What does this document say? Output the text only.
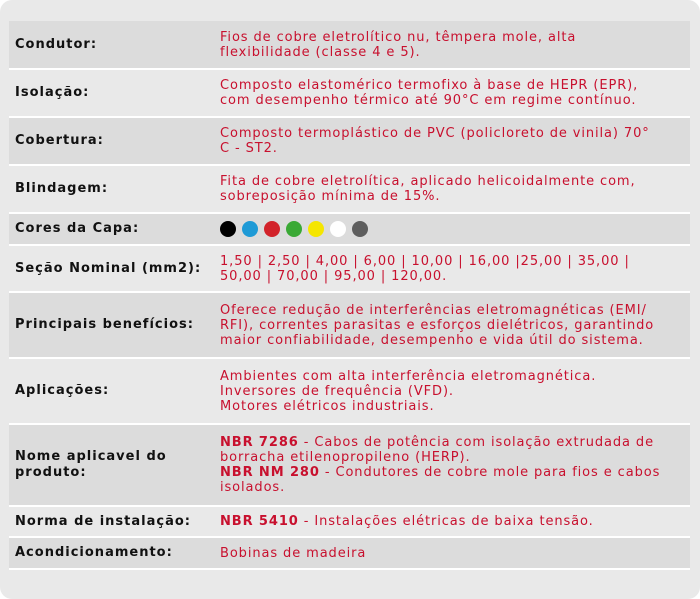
Condutor:	Fios de cobre eletrolítico nu, têmpera mole, alta
flexibilidade (classe 4 e 5).

Isolação:	Composto elastomérico termofixo à base de HEPR (EPR),
com desempenho térmico até 90°C em regime contínuo.

Cobertura:	Composto termoplástico de PVC (policloreto de vinila) 70°
C - ST2.

Blindagem:	Fita de cobre eletrolítica, aplicado helicoidalmente com,
sobreposição mínima de 15%.

Cores da Capa:	

Seção Nominal (mm2):	1,50 | 2,50 | 4,00 | 6,00 | 10,00 | 16,00 |25,00 | 35,00 |
50,00 | 70,00 | 95,00 | 120,00.

Principais benefícios:	Oferece redução de interferências eletromagnéticas (EMI/
RFI), correntes parasitas e esforços dielétricos, garantindo
maior confiabilidade, desempenho e vida útil do sistema.

Aplicações:	Ambientes com alta interferência eletromagnética.
Inversores de frequência (VFD).
Motores elétricos industriais.

Nome aplicavel do produto:	NBR 7286 - Cabos de potência com isolação extrudada de
borracha etilenopropileno (HERP).
NBR NM 280 - Condutores de cobre mole para fios e cabos
isolados.

Norma de instalação:	NBR 5410 - Instalações elétricas de baixa tensão.

Acondicionamento:	Bobinas de madeira
